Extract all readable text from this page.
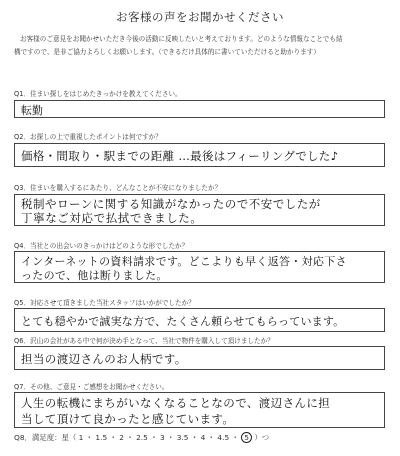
お客様の声をお聞かせください

お客様のご意見をお聞かせいただき今後の活動に反映したいと考えております。どのような情報なことでも結

構ですので、是非ご協力よろしくお願いします。（できるだけ具体的に書いていただけると助かります）

Q1．住まい探しをはじめたきっかけを教えてください。
転勤
Q2．お探しの上で重視したポイントは何ですか？
価格・間取り・駅までの距離 …最後はフィーリングでした♪
Q3．住まいを購入するにあたり、どんなことが不安になりましたか？
税制やローンに関する知識がなかったので不安でしたが
丁寧なご対応で払拭できました。
Q4．当社との出会いのきっかけはどのような形でしたか？
インターネットの資料請求です。どこよりも早く返答・対応下さ
ったので、他は断りました。
Q5．対応させて頂きました当社スタッフはいかがでしたか？
とても穏やかで誠実な方で、たくさん頼らせてもらっています。
Q6．沢山の会社がある中で何が決め手となって、当社で物件を購入して頂けましたか？
担当の渡辺さんのお人柄です。
Q7．その他、ご意見・ご感想をお聞かせください。
人生の転機にまちがいなくなることなので、渡辺さんに担
当して頂けて良かったと感じています。
Q8．満足度：星（ 1 ・ 1.5 ・ 2 ・ 2.5 ・ 3 ・ 3.5 ・ 4 ・ 4.5 ・ 5 ）つ
